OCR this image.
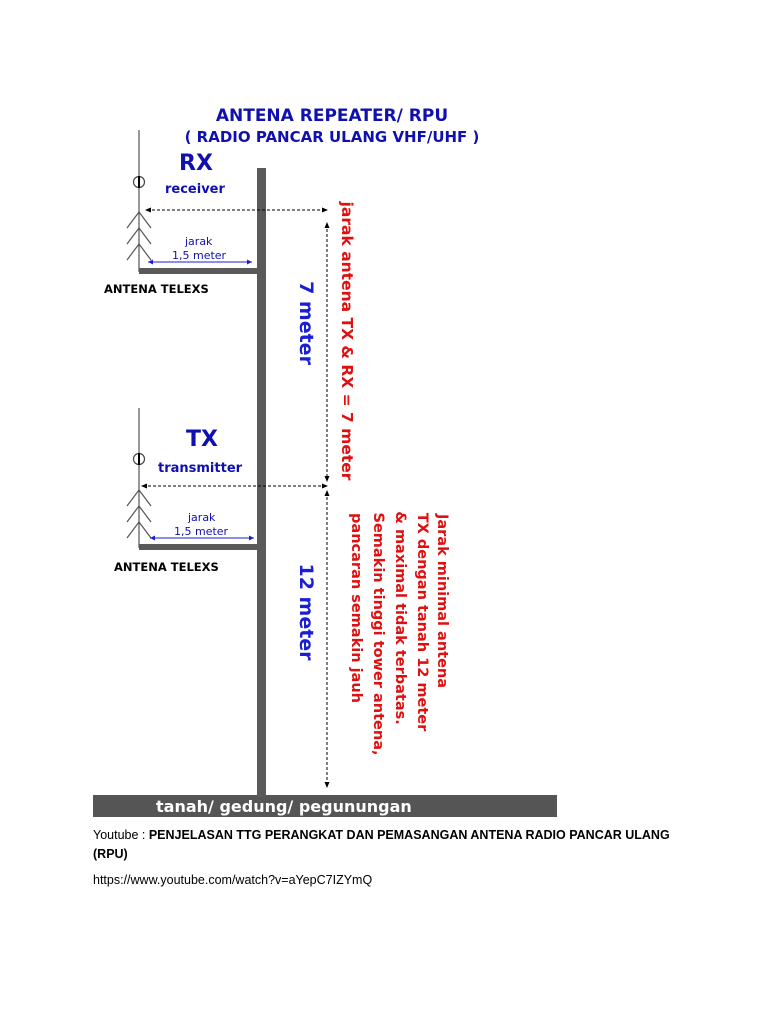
ANTENA REPEATER/ RPU
( RADIO PANCAR ULANG VHF/UHF )
tanah/ gedung/ pegunungan
RX
receiver
jarak
1,5 meter
ANTENA TELEXS
TX
transmitter
jarak
1,5 meter
ANTENA TELEXS
7 meter
12 meter
jarak antena TX & RX = 7 meter
Jarak minimal antena
TX dengan tanah 12 meter
& maximal tidak terbatas.
Semakin tinggi tower antena,
pancaran semakin jauh
Youtube : PENJELASAN TTG PERANGKAT DAN PEMASANGAN ANTENA RADIO PANCAR ULANG (RPU)
https://www.youtube.com/watch?v=aYepC7IZYmQ
